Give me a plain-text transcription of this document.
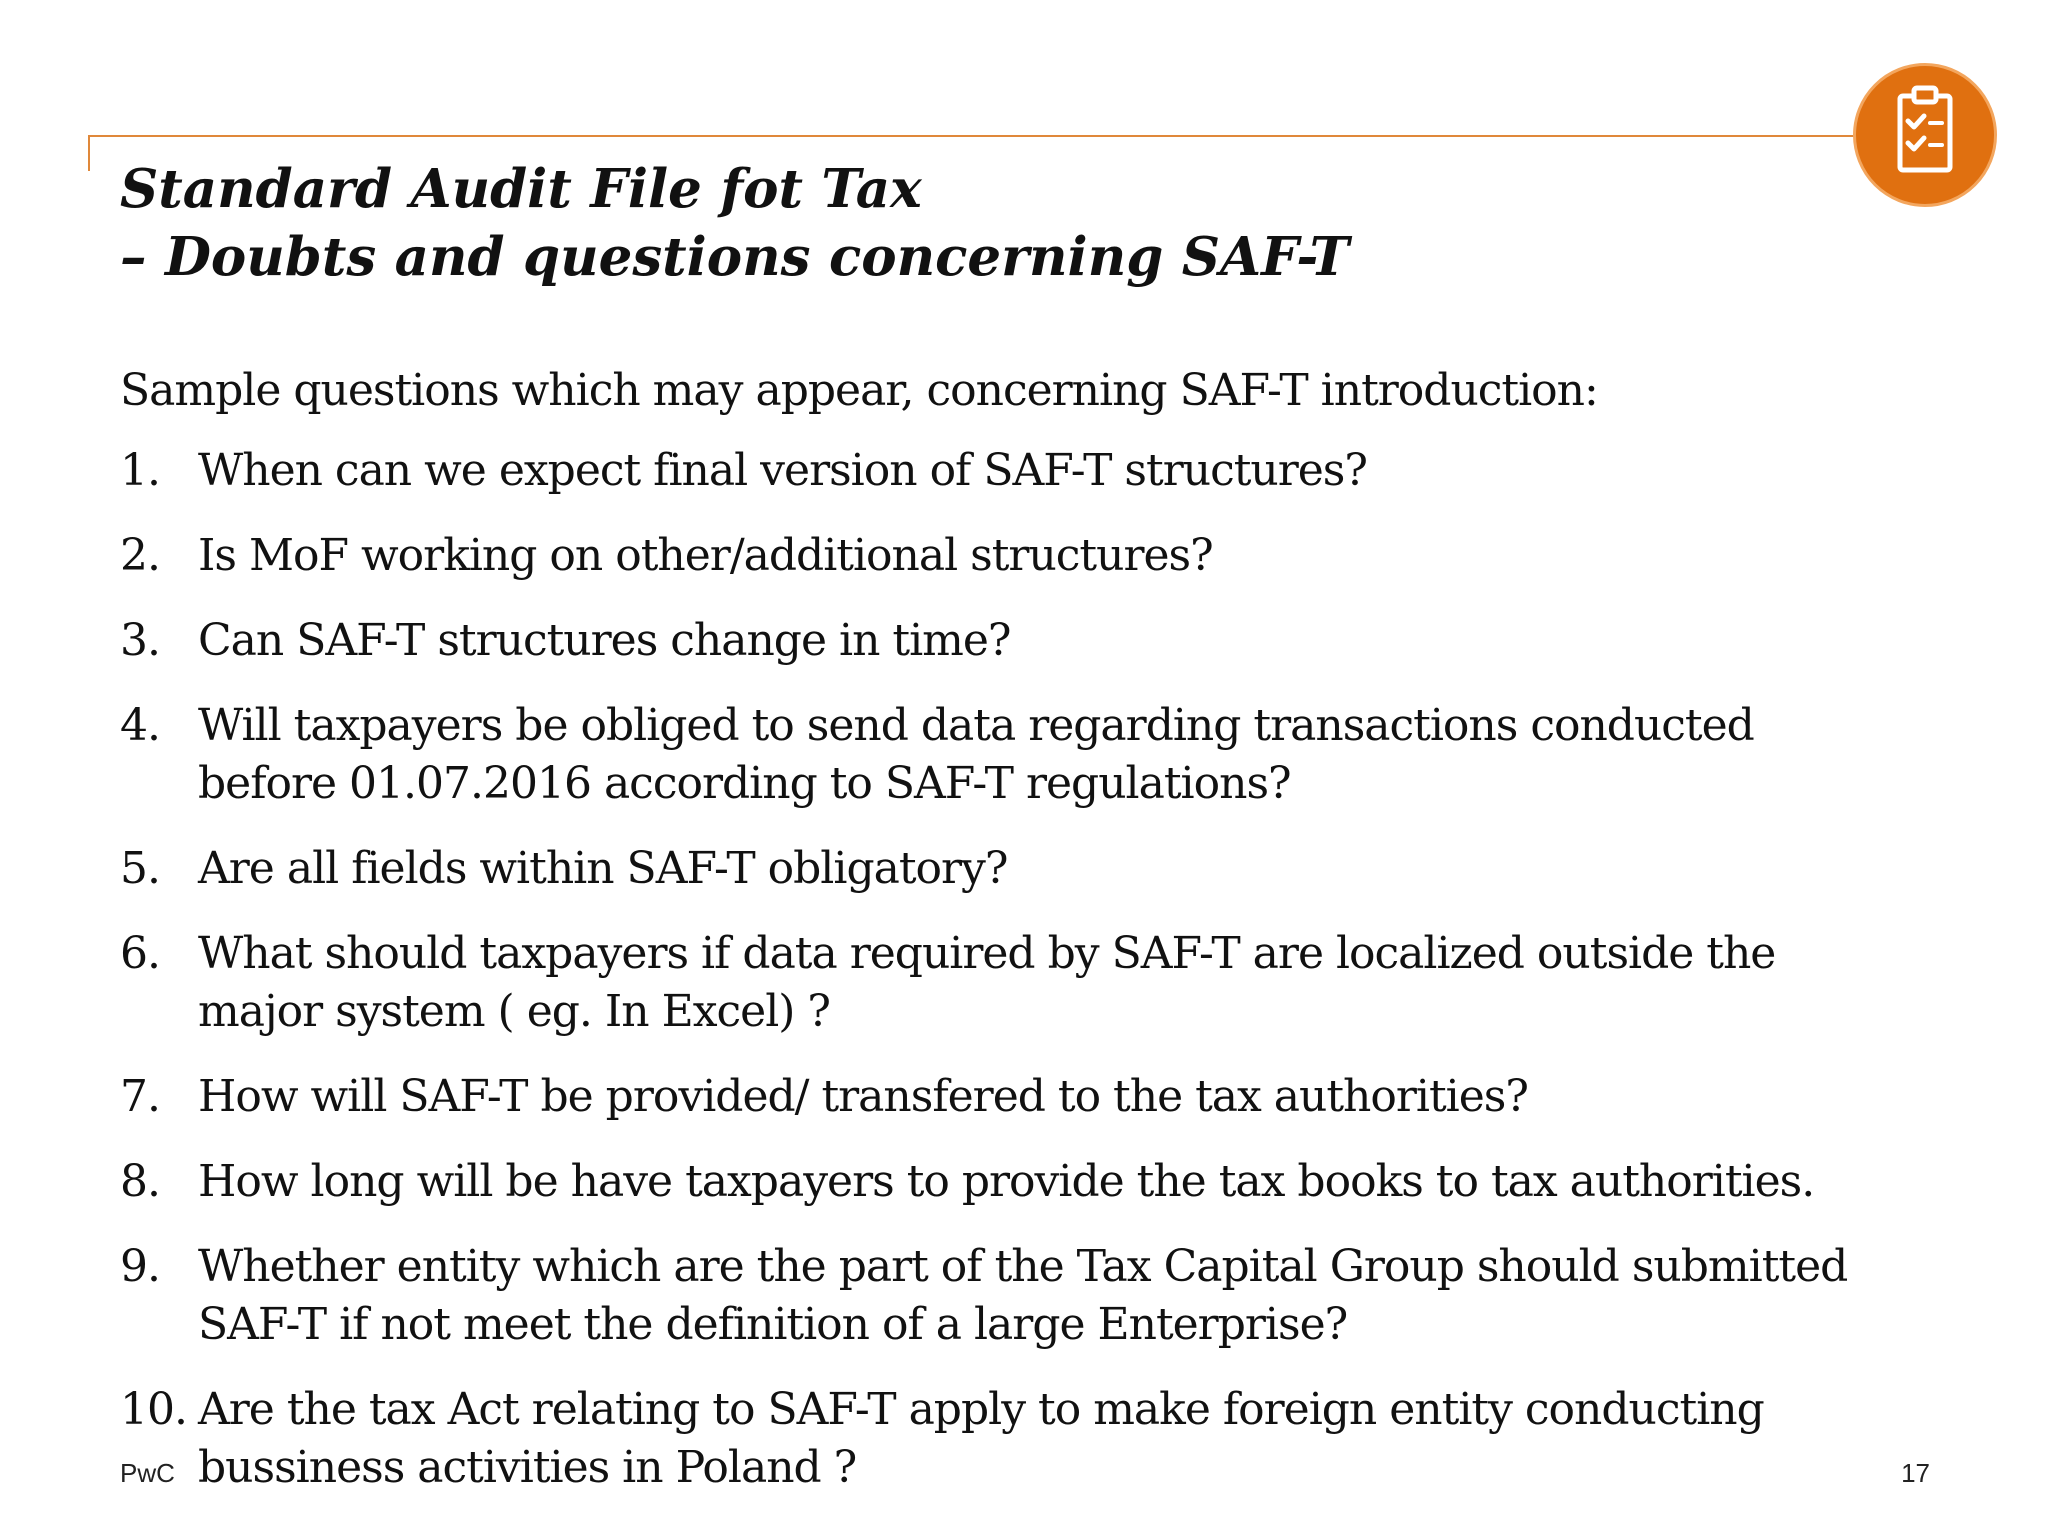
Standard Audit File fot Tax
– Doubts and questions concerning SAF-T
Sample questions which may appear, concerning SAF-T introduction:
1. When can we expect final version of SAF-T structures?
2. Is MoF working on other/additional structures?
3. Can SAF-T structures change in time?
4. Will taxpayers be obliged to send data regarding transactions conducted
before 01.07.2016 according to SAF-T regulations?
5. Are all fields within SAF-T obligatory?
6. What should taxpayers if data required by SAF-T are localized outside the
major system ( eg. In Excel) ?
7. How will SAF-T be provided/ transfered to the tax authorities?
8. How long will be have taxpayers to provide the tax books to tax authorities.
9. Whether entity which are the part of the Tax Capital Group should submitted
SAF-T if not meet the definition of a large Enterprise?
10. Are the tax Act relating to SAF-T apply to make foreign entity conducting
bussiness activities in Poland ?
PwC	17
